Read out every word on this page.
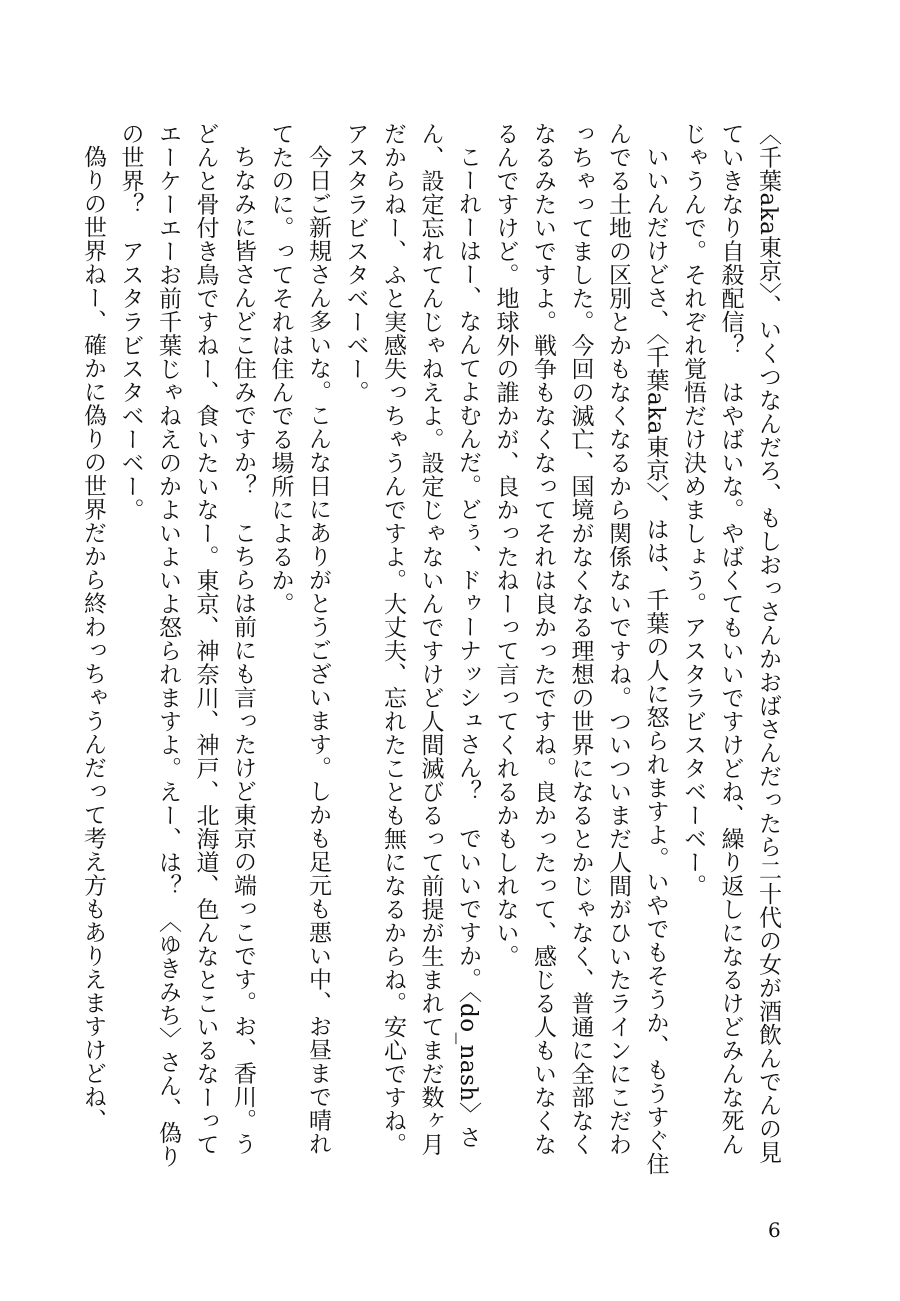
〈千葉aka東京〉、いくつなんだろ、もしおっさんかおばさんだったら二十代の女が酒飲んでんの見ていきなり自殺配信？　はやばいな。やばくてもいいですけどね、繰り返しになるけどみんな死んじゃうんで。それぞれ覚悟だけ決めましょう。アスタラビスタベーベー。

いいんだけどさ、〈千葉aka東京〉、はは、千葉の人に怒られますよ。いやでもそうか、もうすぐ住んでる土地の区別とかもなくなるから関係ないですね。ついついまだ人間がひいたラインにこだわっちゃってました。今回の滅亡、国境がなくなる理想の世界になるとかじゃなく、普通に全部なくなるみたいですよ。戦争もなくなってそれは良かったですね。良かったって、感じる人もいなくなるんですけど。地球外の誰かが、良かったねーって言ってくれるかもしれない。

こーれーはー、なんてよむんだ。どぅ、ドゥーナッシュさん？　でいいですか。〈do_nash〉さん、設定忘れてんじゃねえよ。設定じゃないんですけど人間滅びるって前提が生まれてまだ数ヶ月だからねー、ふと実感失っちゃうんですよ。大丈夫、忘れたことも無になるからね。安心ですね。アスタラビスタベーベー。

今日ご新規さん多いな。こんな日にありがとうございます。しかも足元も悪い中、お昼まで晴れてたのに。ってそれは住んでる場所によるか。

ちなみに皆さんどこ住みですか？　こちらは前にも言ったけど東京の端っこです。お、香川。うどんと骨付き鳥ですねー、食いたいなー。東京、神奈川、神戸、北海道、色んなとこいるなーってエーケーエーお前千葉じゃねえのかよいよいよ怒られますよ。えー、は？　〈ゆきみち〉さん、偽りの世界？　アスタラビスタベーベー。

偽りの世界ねー、確かに偽りの世界だから終わっちゃうんだって考え方もありえますけどね、

6
